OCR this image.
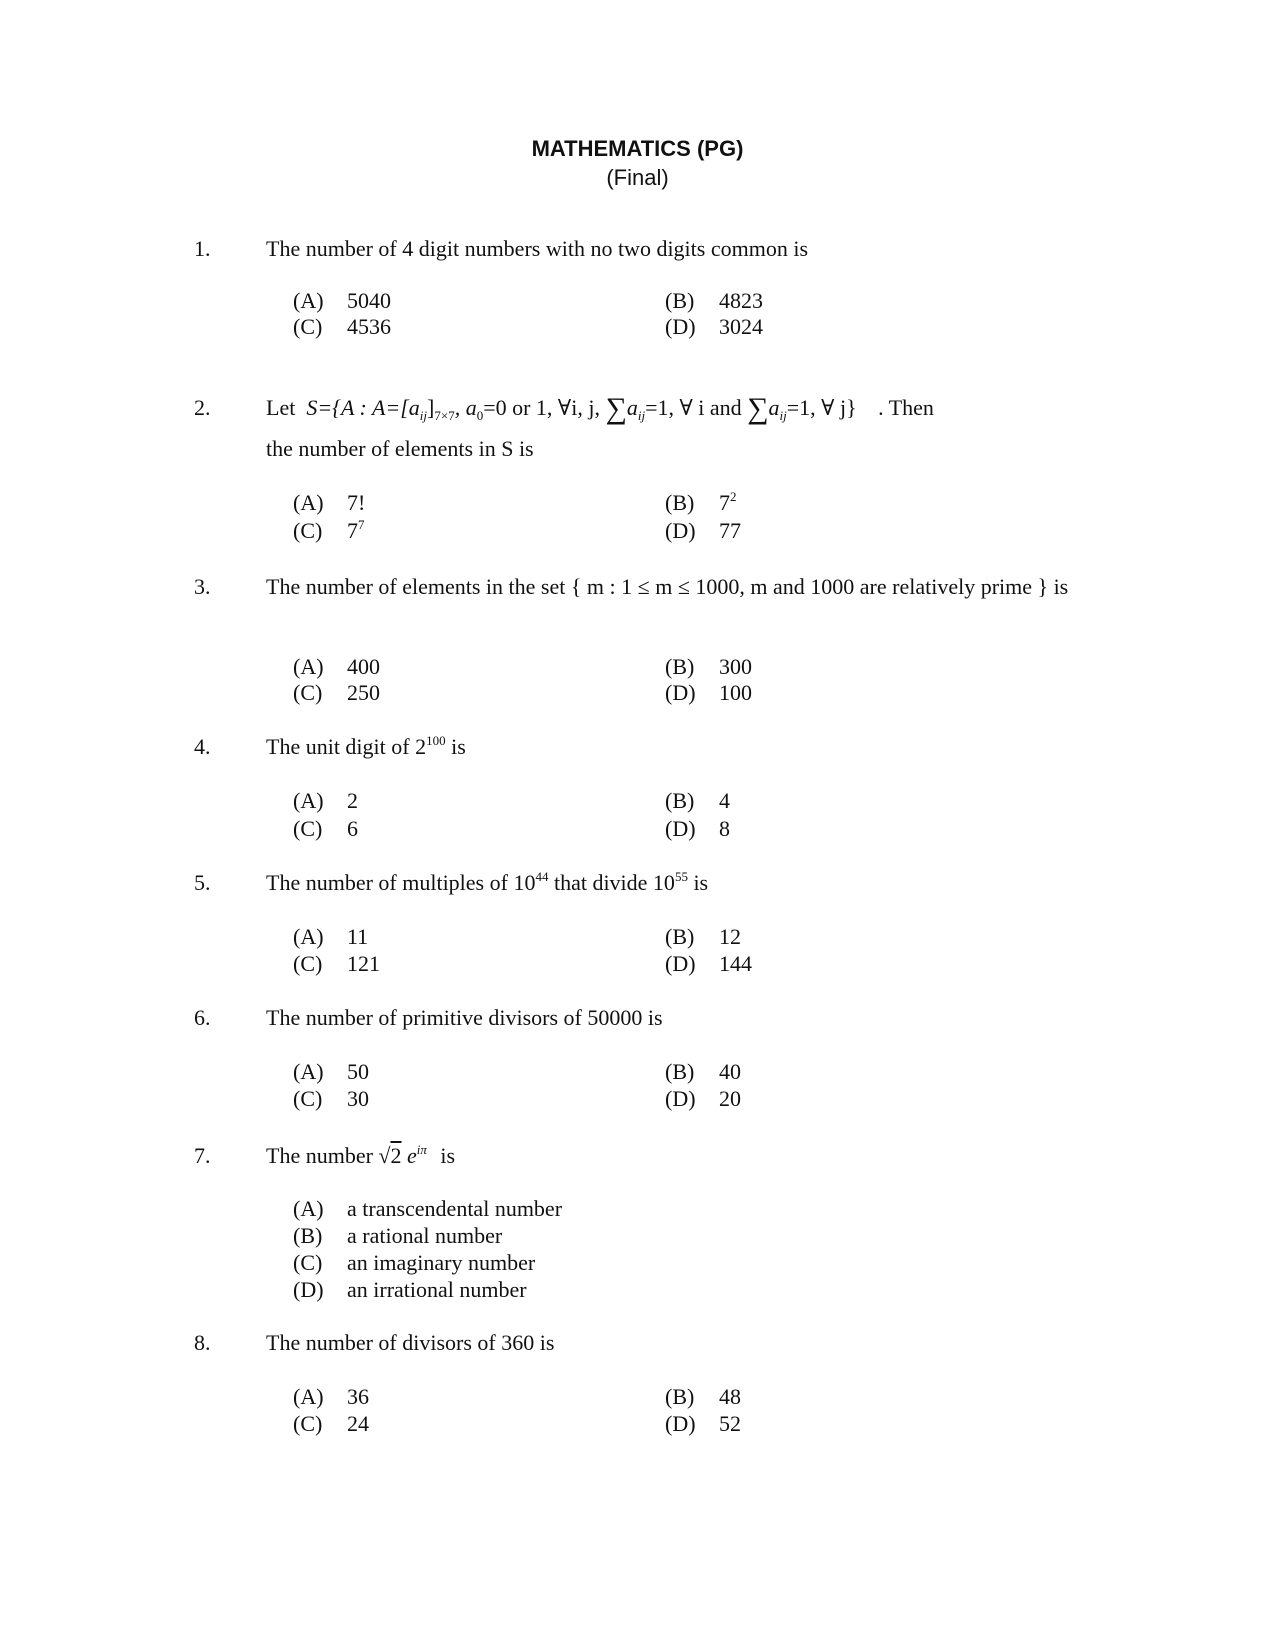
MATHEMATICS (PG)
(Final)
1.	The number of 4 digit numbers with no two digits common is
(A) 5040	(B) 4823
(C) 4536	(D) 3024
2.	Let S={A : $A=[a_{ij}]_{7\times 7}$, $a_0=0$ or 1, ∀i, j, $\sum a_{ij}=1$, ∀ i and $\sum a_{ij}=1$, ∀ j} . Then
the number of elements in S is
(A) 7!	(B) $7^2$
(C) $7^7$	(D) 77
3.	The number of elements in the set { m : 1 ≤ m ≤ 1000, m and 1000 are relatively prime } is
(A) 400	(B) 300
(C) 250	(D) 100
4.	The unit digit of $2^{100}$ is
(A) 2	(B) 4
(C) 6	(D) 8
5.	The number of multiples of $10^{44}$ that divide $10^{55}$ is
(A) 11	(B) 12
(C) 121	(D) 144
6.	The number of primitive divisors of 50000 is
(A) 50	(B) 40
(C) 30	(D) 20
7.	The number √2 $e^{i\pi}$ is
(A) a transcendental number
(B) a rational number
(C) an imaginary number
(D) an irrational number
8.	The number of divisors of 360 is
(A) 36	(B) 48
(C) 24	(D) 52
